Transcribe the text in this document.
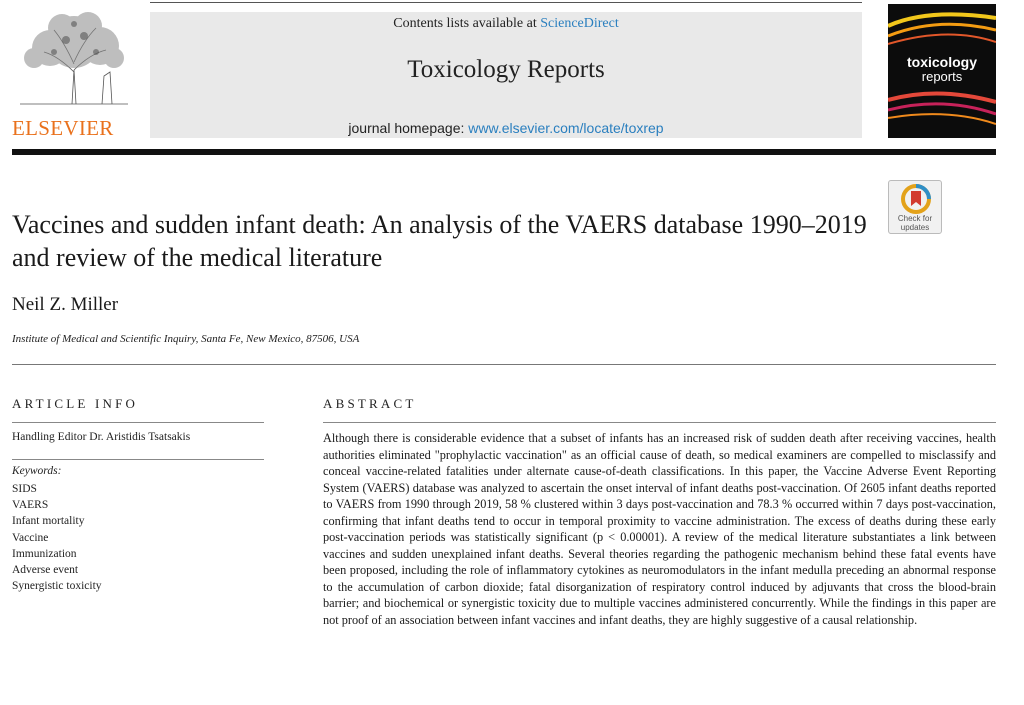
ELSEVIER
Contents lists available at ScienceDirect
Toxicology Reports
journal homepage: www.elsevier.com/locate/toxrep
toxicology
reports
Check for
updates
Vaccines and sudden infant death: An analysis of the VAERS database 1990–2019 and review of the medical literature
Neil Z. Miller
Institute of Medical and Scientific Inquiry, Santa Fe, New Mexico, 87506, USA
ARTICLE INFO
Handling Editor Dr. Aristidis Tsatsakis
Keywords:
SIDS
VAERS
Infant mortality
Vaccine
Immunization
Adverse event
Synergistic toxicity
ABSTRACT
Although there is considerable evidence that a subset of infants has an increased risk of sudden death after receiving vaccines, health authorities eliminated "prophylactic vaccination" as an official cause of death, so medical examiners are compelled to misclassify and conceal vaccine-related fatalities under alternate cause-of-death classifications. In this paper, the Vaccine Adverse Event Reporting System (VAERS) database was analyzed to ascertain the onset interval of infant deaths post-vaccination. Of 2605 infant deaths reported to VAERS from 1990 through 2019, 58 % clustered within 3 days post-vaccination and 78.3 % occurred within 7 days post-vaccination, confirming that infant deaths tend to occur in temporal proximity to vaccine administration. The excess of deaths during these early post-vaccination periods was statistically significant (p < 0.00001). A review of the medical literature substantiates a link between vaccines and sudden unexplained infant deaths. Several theories regarding the pathogenic mechanism behind these fatal events have been proposed, including the role of inflammatory cytokines as neuromodulators in the infant medulla preceding an abnormal response to the accumulation of carbon dioxide; fatal disorganization of respiratory control induced by adjuvants that cross the blood-brain barrier; and biochemical or synergistic toxicity due to multiple vaccines administered concurrently. While the findings in this paper are not proof of an association between infant vaccines and infant deaths, they are highly suggestive of a causal relationship.
